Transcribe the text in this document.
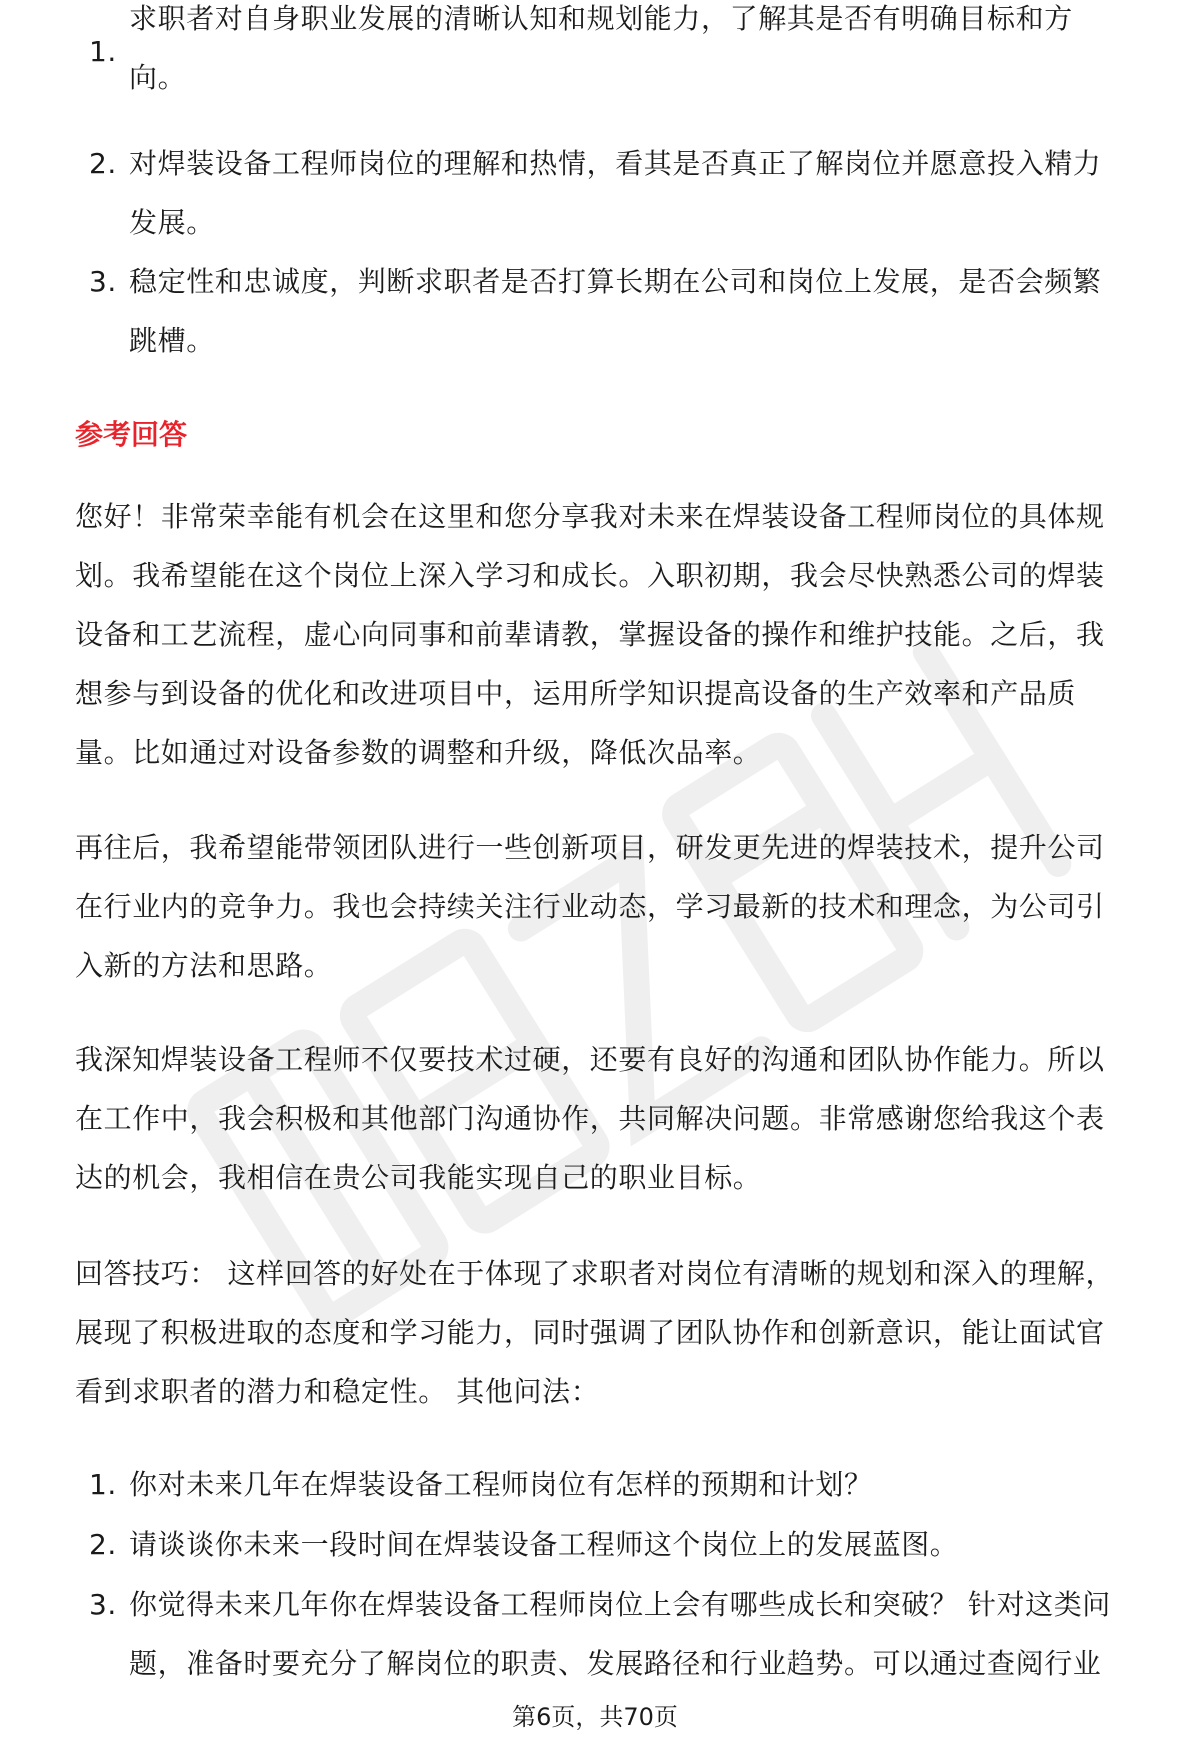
1.
求职者对自身职业发展的清晰认知和规划能力，了解其是否有明确目标和方
向。
2. 对焊装设备工程师岗位的理解和热情，看其是否真正了解岗位并愿意投入精力
发展。
3. 稳定性和忠诚度，判断求职者是否打算长期在公司和岗位上发展，是否会频繁
跳槽。
参考回答
您好！非常荣幸能有机会在这里和您分享我对未来在焊装设备工程师岗位的具体规
划。我希望能在这个岗位上深入学习和成长。入职初期，我会尽快熟悉公司的焊装
设备和工艺流程，虚心向同事和前辈请教，掌握设备的操作和维护技能。之后，我
想参与到设备的优化和改进项目中，运用所学知识提高设备的生产效率和产品质
量。比如通过对设备参数的调整和升级，降低次品率。
再往后，我希望能带领团队进行一些创新项目，研发更先进的焊装技术，提升公司
在行业内的竞争力。我也会持续关注行业动态，学习最新的技术和理念，为公司引
入新的方法和思路。
我深知焊装设备工程师不仅要技术过硬，还要有良好的沟通和团队协作能力。所以
在工作中，我会积极和其他部门沟通协作，共同解决问题。非常感谢您给我这个表
达的机会，我相信在贵公司我能实现自己的职业目标。
回答技巧： 这样回答的好处在于体现了求职者对岗位有清晰的规划和深入的理解，
展现了积极进取的态度和学习能力，同时强调了团队协作和创新意识，能让面试官
看到求职者的潜力和稳定性。 其他问法：
1. 你对未来几年在焊装设备工程师岗位有怎样的预期和计划？
2. 请谈谈你未来一段时间在焊装设备工程师这个岗位上的发展蓝图。
3. 你觉得未来几年你在焊装设备工程师岗位上会有哪些成长和突破？ 针对这类问
题，准备时要充分了解岗位的职责、发展路径和行业趋势。可以通过查阅行业
第6页，共70页
